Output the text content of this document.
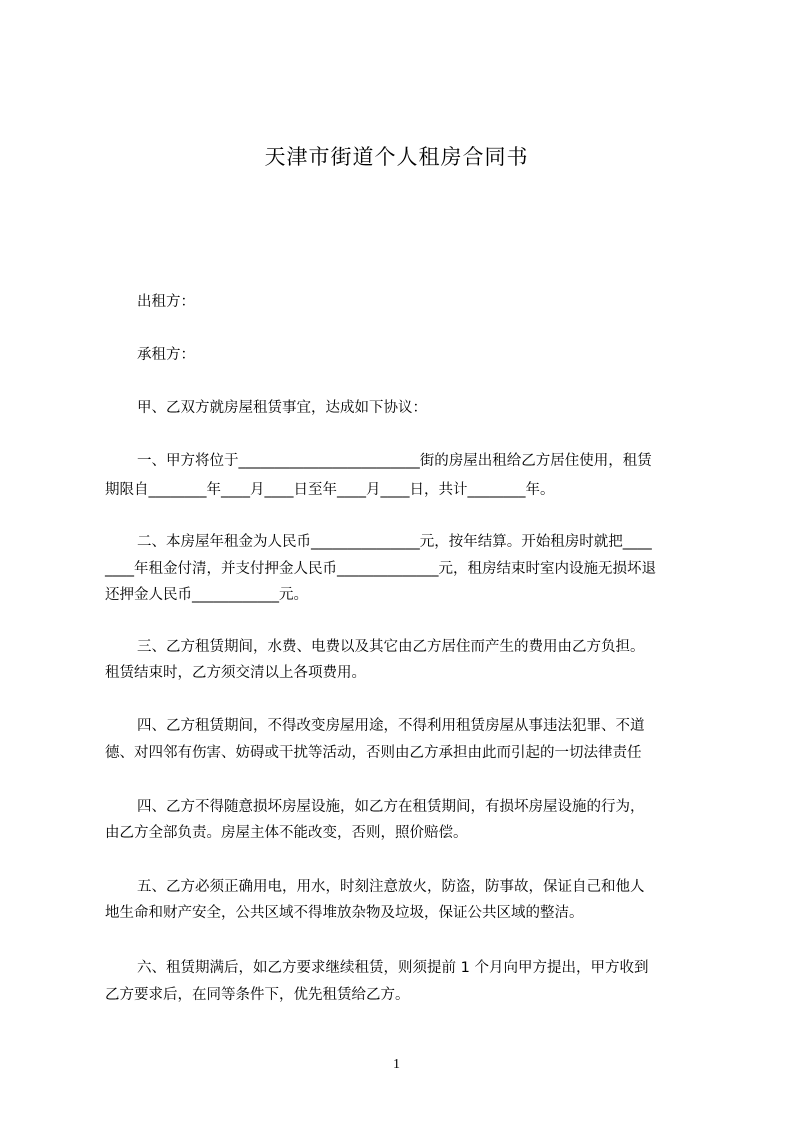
天津市街道个人租房合同书

出租方：

承租方：

甲、乙双方就房屋租赁事宜，达成如下协议：

一、甲方将位于_________________________街的房屋出租给乙方居住使用，租赁

期限自________年____月____日至年____月____日，共计________年。

二、本房屋年租金为人民币_______________元，按年结算。开始租房时就把____

____年租金付清，并支付押金人民币______________元，租房结束时室内设施无损坏退

还押金人民币____________元。

三、乙方租赁期间，水费、电费以及其它由乙方居住而产生的费用由乙方负担。

租赁结束时，乙方须交清以上各项费用。

四、乙方租赁期间，不得改变房屋用途，不得利用租赁房屋从事违法犯罪、不道

德、对四邻有伤害、妨碍或干扰等活动，否则由乙方承担由此而引起的一切法律责任

四、乙方不得随意损坏房屋设施，如乙方在租赁期间，有损坏房屋设施的行为，

由乙方全部负责。房屋主体不能改变，否则，照价赔偿。

五、乙方必须正确用电，用水，时刻注意放火，防盗，防事故，保证自己和他人

地生命和财产安全，公共区域不得堆放杂物及垃圾，保证公共区域的整洁。

六、租赁期满后，如乙方要求继续租赁，则须提前 1 个月向甲方提出，甲方收到

乙方要求后，在同等条件下，优先租赁给乙方。

1
